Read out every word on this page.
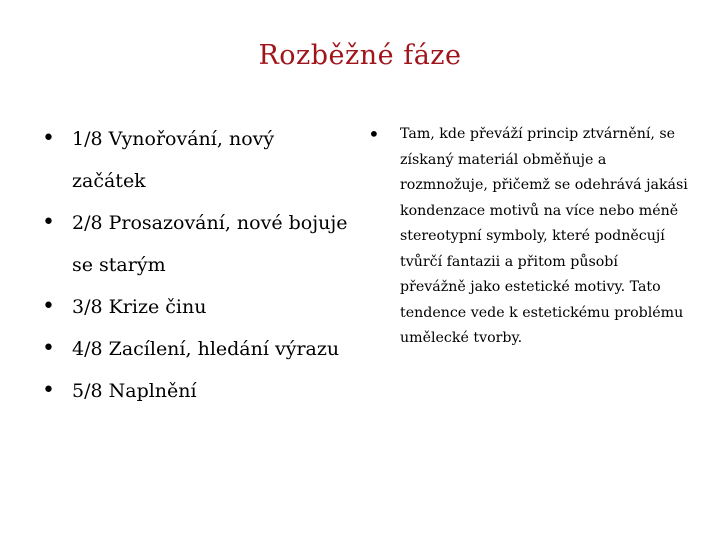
Rozběžné fáze
• 1/8 Vynořování, nový začátek
• 2/8 Prosazování, nové bojuje se starým
• 3/8 Krize činu
• 4/8 Zacílení, hledání výrazu
• 5/8 Naplnění
• Tam, kde převáží princip ztvárnění, se získaný materiál obměňuje a rozmnožuje, přičemž se odehrává jakási kondenzace motivů na více nebo méně stereotypní symboly, které podněcují tvůrčí fantazii a přitom působí převážně jako estetické motivy. Tato tendence vede k estetickému problému umělecké tvorby.
